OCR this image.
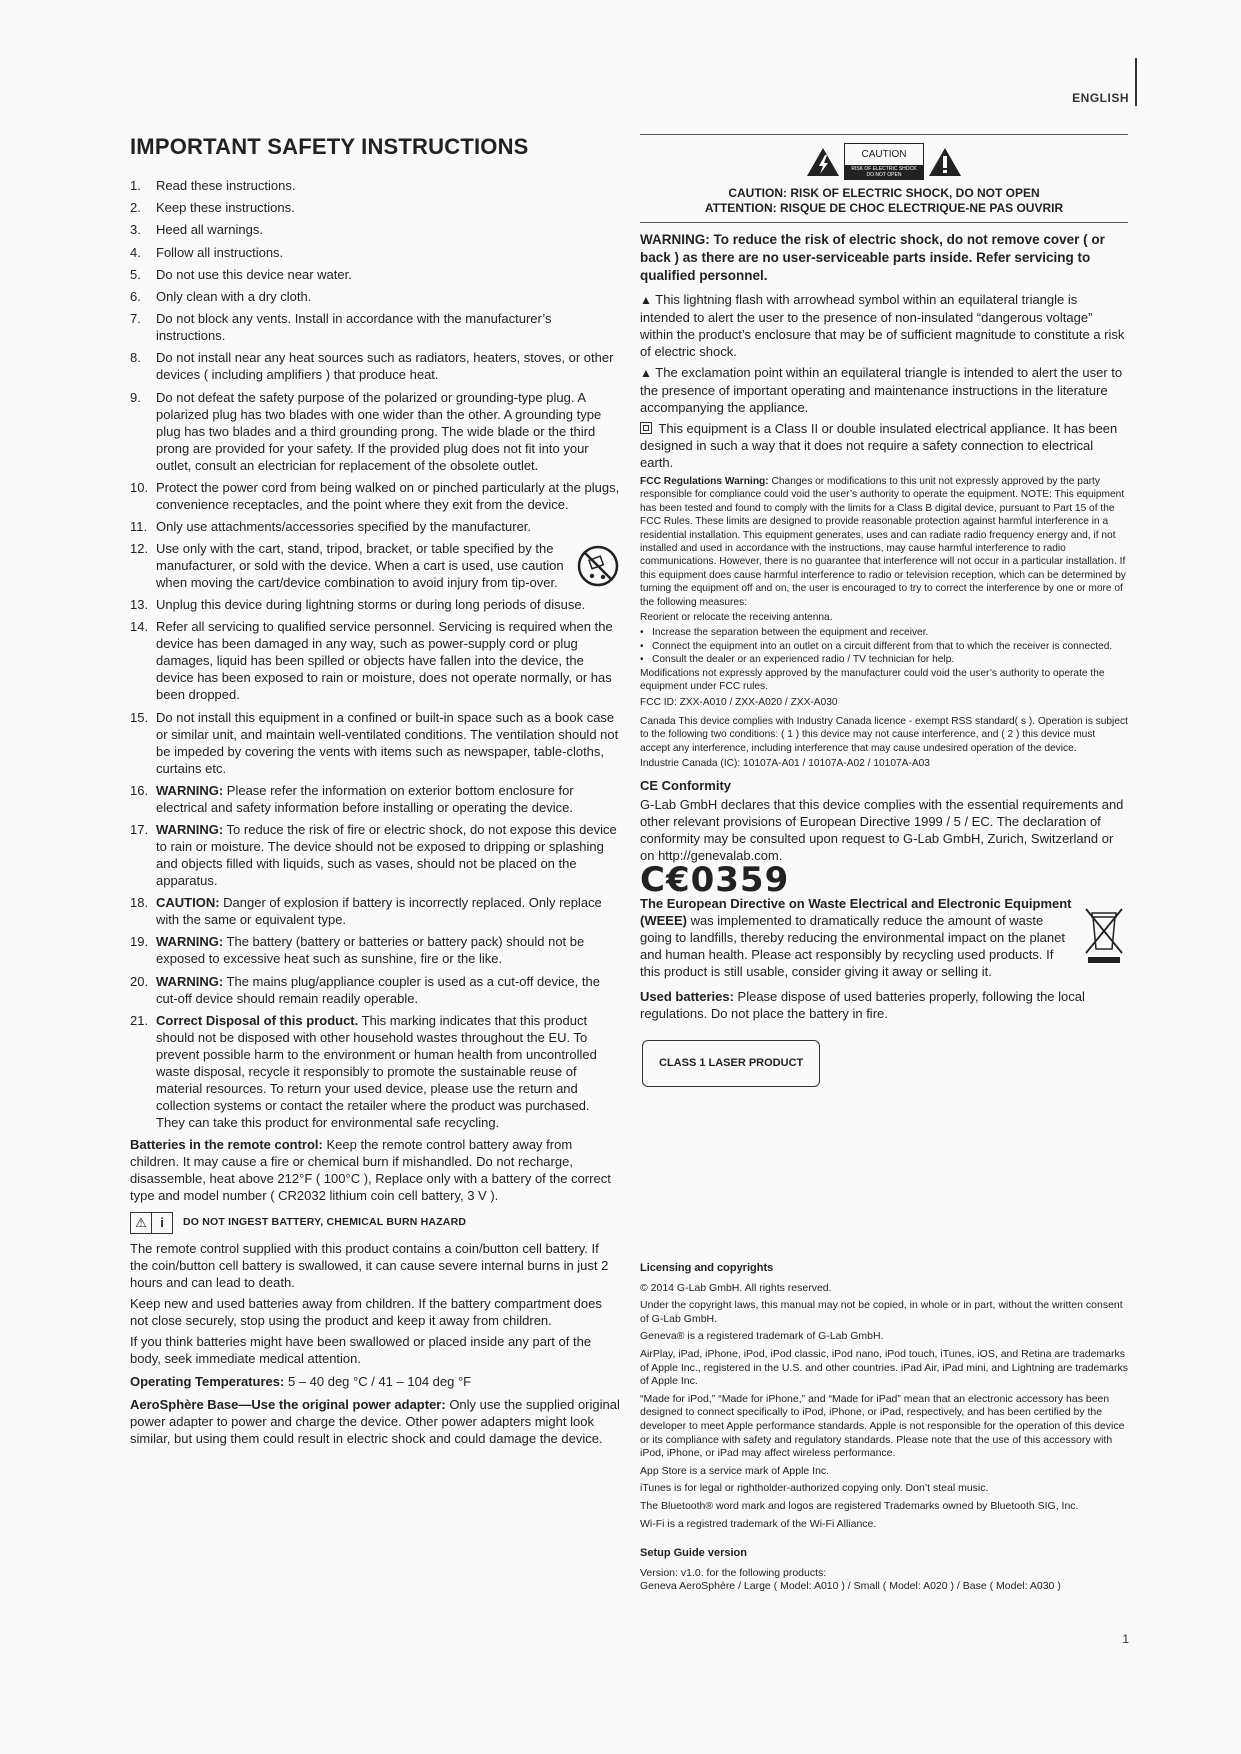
ENGLISH
IMPORTANT SAFETY INSTRUCTIONS
1. Read these instructions.
2. Keep these instructions.
3. Heed all warnings.
4. Follow all instructions.
5. Do not use this device near water.
6. Only clean with a dry cloth.
7. Do not block any vents. Install in accordance with the manufacturer’s instructions.
8. Do not install near any heat sources such as radiators, heaters, stoves, or other devices ( including amplifiers ) that produce heat.
9. Do not defeat the safety purpose of the polarized or grounding-type plug. A polarized plug has two blades with one wider than the other. A grounding type plug has two blades and a third grounding prong. The wide blade or the third prong are provided for your safety. If the provided plug does not fit into your outlet, consult an electrician for replacement of the obsolete outlet.
10. Protect the power cord from being walked on or pinched particularly at the plugs, convenience receptacles, and the point where they exit from the device.
11. Only use attachments/accessories specified by the manufacturer.
12. Use only with the cart, stand, tripod, bracket, or table specified by the manufacturer, or sold with the device. When a cart is used, use caution when moving the cart/device combination to avoid injury from tip-over.
13. Unplug this device during lightning storms or during long periods of disuse.
14. Refer all servicing to qualified service personnel. Servicing is required when the device has been damaged in any way, such as power-supply cord or plug damages, liquid has been spilled or objects have fallen into the device, the device has been exposed to rain or moisture, does not operate normally, or has been dropped.
15. Do not install this equipment in a confined or built-in space such as a book case or similar unit, and maintain well-ventilated conditions. The ventilation should not be impeded by covering the vents with items such as newspaper, table-cloths, curtains etc.
16. WARNING: Please refer the information on exterior bottom enclosure for electrical and safety information before installing or operating the device.
17. WARNING: To reduce the risk of fire or electric shock, do not expose this device to rain or moisture. The device should not be exposed to dripping or splashing and objects filled with liquids, such as vases, should not be placed on the apparatus.
18. CAUTION: Danger of explosion if battery is incorrectly replaced. Only replace with the same or equivalent type.
19. WARNING: The battery (battery or batteries or battery pack) should not be exposed to excessive heat such as sunshine, fire or the like.
20. WARNING: The mains plug/appliance coupler is used as a cut-off device, the cut-off device should remain readily operable.
21. Correct Disposal of this product. This marking indicates that this product should not be disposed with other household wastes throughout the EU. To prevent possible harm to the environment or human health from uncontrolled waste disposal, recycle it responsibly to promote the sustainable reuse of material resources. To return your used device, please use the return and collection systems or contact the retailer where the product was purchased. They can take this product for environmental safe recycling.

Batteries in the remote control: Keep the remote control battery away from children. It may cause a fire or chemical burn if mishandled. Do not recharge, disassemble, heat above 212°F ( 100°C ), Replace only with a battery of the correct type and model number ( CR2032 lithium coin cell battery, 3 V ).

⚠	i	DO NOT INGEST BATTERY, CHEMICAL BURN HAZARD

The remote control supplied with this product contains a coin/button cell battery. If the coin/button cell battery is swallowed, it can cause severe internal burns in just 2 hours and can lead to death.

Keep new and used batteries away from children. If the battery compartment does not close securely, stop using the product and keep it away from children.

If you think batteries might have been swallowed or placed inside any part of the body, seek immediate medical attention.

Operating Temperatures: 5 – 40 deg °C / 41 – 104 deg °F

AeroSphère Base—Use the original power adapter: Only use the supplied original power adapter to power and charge the device. Other power adapters might look similar, but using them could result in electric shock and could damage the device.

CAUTION
RISK OF ELECTRIC SHOCK
DO NOT OPEN
CAUTION: RISK OF ELECTRIC SHOCK, DO NOT OPEN
ATTENTION: RISQUE DE CHOC ELECTRIQUE-NE PAS OUVRIR
WARNING: To reduce the risk of electric shock, do not remove cover ( or back ) as there are no user-serviceable parts inside. Refer servicing to qualified personnel.

▲ This lightning flash with arrowhead symbol within an equilateral triangle is intended to alert the user to the presence of non-insulated “dangerous voltage” within the product’s enclosure that may be of sufficient magnitude to constitute a risk of electric shock.

▲ The exclamation point within an equilateral triangle is intended to alert the user to the presence of important operating and maintenance instructions in the literature accompanying the appliance.

This equipment is a Class II or double insulated electrical appliance. It has been designed in such a way that it does not require a safety connection to electrical earth.

FCC Regulations Warning: Changes or modifications to this unit not expressly approved by the party responsible for compliance could void the user’s authority to operate the equipment. NOTE: This equipment has been tested and found to comply with the limits for a Class B digital device, pursuant to Part 15 of the FCC Rules. These limits are designed to provide reasonable protection against harmful interference in a residential installation. This equipment generates, uses and can radiate radio frequency energy and, if not installed and used in accordance with the instructions, may cause harmful interference to radio communications. However, there is no guarantee that interference will not occur in a particular installation. If this equipment does cause harmful interference to radio or television reception, which can be determined by turning the equipment off and on, the user is encouraged to try to correct the interference by one or more of the following measures:

Reorient or relocate the receiving antenna.

• Increase the separation between the equipment and receiver.
• Connect the equipment into an outlet on a circuit different from that to which the receiver is connected.
• Consult the dealer or an experienced radio / TV technician for help.

Modifications not expressly approved by the manufacturer could void the user’s authority to operate the equipment under FCC rules.

FCC ID: ZXX-A010 / ZXX-A020 / ZXX-A030

Canada This device complies with Industry Canada licence - exempt RSS standard( s ). Operation is subject to the following two conditions: ( 1 ) this device may not cause interference, and ( 2 ) this device must accept any interference, including interference that may cause undesired operation of the device.

Industrie Canada (IC): 10107A-A01 / 10107A-A02 / 10107A-A03

CE Conformity

G-Lab GmbH declares that this device complies with the essential requirements and other relevant provisions of European Directive 1999 / 5 / EC. The declaration of conformity may be consulted upon request to G-Lab GmbH, Zurich, Switzerland or on http://genevalab.com.

C€0359

The European Directive on Waste Electrical and Electronic Equipment (WEEE) was implemented to dramatically reduce the amount of waste going to landfills, thereby reducing the environmental impact on the planet and human health. Please act responsibly by recycling used products. If this product is still usable, consider giving it away or selling it.

Used batteries: Please dispose of used batteries properly, following the local regulations. Do not place the battery in fire.

CLASS 1 LASER PRODUCT

Licensing and copyrights

© 2014 G-Lab GmbH. All rights reserved.

Under the copyright laws, this manual may not be copied, in whole or in part, without the written consent of G-Lab GmbH.

Geneva® is a registered trademark of G-Lab GmbH.

AirPlay, iPad, iPhone, iPod, iPod classic, iPod nano, iPod touch, iTunes, iOS, and Retina are trademarks of Apple Inc., registered in the U.S. and other countries. iPad Air, iPad mini, and Lightning are trademarks of Apple Inc.

“Made for iPod,” “Made for iPhone,” and “Made for iPad” mean that an electronic accessory has been designed to connect specifically to iPod, iPhone, or iPad, respectively, and has been certified by the developer to meet Apple performance standards. Apple is not responsible for the operation of this device or its compliance with safety and regulatory standards. Please note that the use of this accessory with iPod, iPhone, or iPad may affect wireless performance.

App Store is a service mark of Apple Inc.

iTunes is for legal or rightholder-authorized copying only. Don’t steal music.

The Bluetooth® word mark and logos are registered Trademarks owned by Bluetooth SIG, Inc.

Wi-Fi is a registred trademark of the Wi-Fi Alliance.

Setup Guide version

Version: v1.0. for the following products:

Geneva AeroSphère / Large ( Model: A010 ) / Small ( Model: A020 ) / Base ( Model: A030 )

1
